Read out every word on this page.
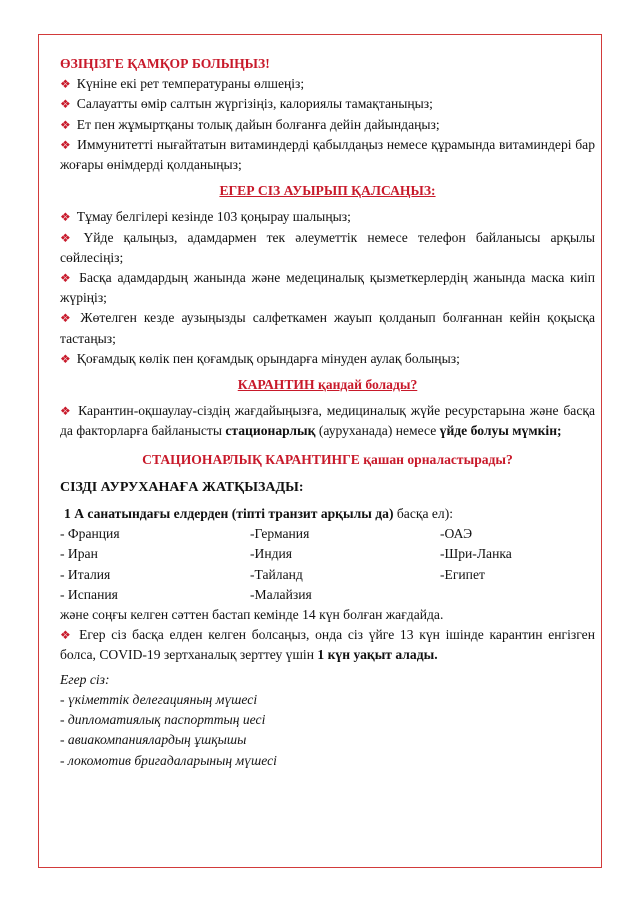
ӨЗІҢІЗГЕ ҚАМҚОР БОЛЫҢЫЗ!
❖ Күніне екі рет температураны өлшеңіз;
❖ Салауатты өмір салтын жүргізіңіз, калориялы тамақтаныңыз;
❖ Ет пен жұмыртқаны толық дайын болғанға дейін дайындаңыз;
❖ Иммунитетті нығайтатын витаминдерді қабылдаңыз немесе құрамында витаминдері бар жоғары өнімдерді қолданыңыз;
ЕГЕР СІЗ АУЫРЫП ҚАЛСАҢЫЗ:
❖ Тұмау белгілері кезінде 103 қоңырау шалыңыз;
❖ Үйде қалыңыз, адамдармен тек әлеуметтік немесе телефон байланысы арқылы сөйлесіңіз;
❖ Басқа адамдардың жанында және медециналық қызметкерлердің жанында маска киіп жүріңіз;
❖ Жөтелген кезде аузыңызды салфеткамен жауып қолданып болғаннан кейін қоқысқа тастаңыз;
❖ Қоғамдық көлік пен қоғамдық орындарға мінуден аулақ болыңыз;
КАРАНТИН қандай болады?
❖ Карантин-оқшаулау-сіздің жағдайыңызға, медициналық жүйе ресурстарына және басқа да факторларға байланысты стационарлық (ауруханада) немесе үйде болуы мүмкін;
СТАЦИОНАРЛЫҚ КАРАНТИНГЕ қашан орналастырады?
СІЗДІ АУРУХАНАҒА ЖАТҚЫЗАДЫ:
1 А санатындағы елдерден (тіпті транзит арқылы да) басқа ел):
- Франция	-Германия	-ОАЭ
- Иран	-Индия	-Шри-Ланка
- Италия	-Тайланд	-Египет
- Испания	-Малайзия
және соңғы келген сәттен бастап кемінде 14 күн болған жағдайда.
❖ Егер сіз басқа елден келген болсаңыз, онда сіз үйге 13 күн ішінде карантин енгізген болса, COVID-19 зертханалық зерттеу үшін 1 күн уақыт алады.
Егер сіз:
- үкіметтік делегацияның мүшесі
- дипломатиялық паспорттың иесі
- авиакомпаниялардың ұшқышы
- локомотив бригадаларының мүшесі
